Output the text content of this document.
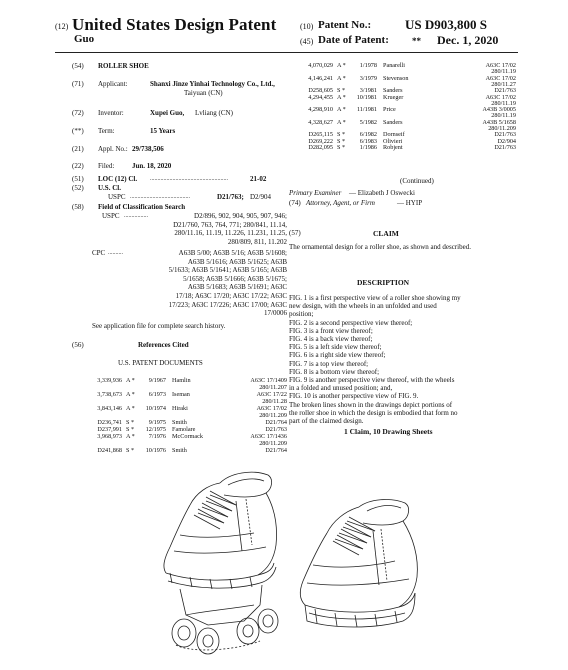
(12) United States Design Patent	(10) Patent No.:	US D903,800 S
Guo	(45) Date of Patent:	** Dec. 1, 2020
(54) ROLLER SHOE
(71) Applicant:	Shanxi Jinze Yinhai Technology Co., Ltd.,
Taiyuan (CN)
(72) Inventor:	Xupei Guo, Lvliang (CN)
(**) Term:	15 Years
(21) Appl. No.: 29/738,506
(22) Filed:	Jun. 18, 2020
(51) LOC (12) Cl. ....................................................	21-02
(52) U.S. Cl.
USPC ........................................	D21/763; D2/904
(58) Field of Classification Search
USPC ................	D2/896, 902, 904, 905, 907, 946;
D21/760, 763, 764, 771; 280/841, 11.14,
280/11.16, 11.19, 11.226, 11.231, 11.25,
280/809, 811, 11.202
CPC ..........	A63B 5/00; A63B 5/16; A63B 5/1608;
A63B 5/1616; A63B 5/1625; A63B
5/1633; A63B 5/1641; A63B 5/165; A63B
5/1658; A63B 5/1666; A63B 5/1675;
A63B 5/1683; A63B 5/1691; A63C
17/18; A63C 17/20; A63C 17/22; A63C
17/223; A63C 17/226; A63C 17/00; A63C
17/0006
See application file for complete search history.
(56)	References Cited
U.S. PATENT DOCUMENTS
3,339,936 A *	9/1967 Hamlin	A63C 17/1409
280/11.207
3,738,673 A *	6/1973 Iseman	A63C 17/22
280/11.28
3,843,146 A *	10/1974 Hiraki	A63C 17/02
280/11.209
D236,741 S *	9/1975 Smith	D21/764
D237,991 S *	12/1975 Famolare	D21/763
3,968,973 A *	7/1976 McCormack	A63C 17/1436
280/11.209
D241,868 S *	10/1976 Smith	D21/764
4,070,029 A *	1/1978 Panarelli	A63C 17/02
280/11.19
4,146,241 A *	3/1979 Stevenson	A63C 17/02
280/11.27
D258,605 S *	3/1981 Sanders	D21/763
4,294,455 A *	10/1981 Krueger	A63C 17/02
280/11.19
4,298,910 A *	11/1981 Price	A43B 3/0005
280/11.19
4,328,627 A *	5/1982 Sanders	A43B 5/1658
280/11.209
D265,115 S *	6/1982 Dornseif	D21/763
D269,222 S *	6/1983 Olivieri	D2/904
D282,095 S *	1/1986 Robjent	D21/763
(Continued)
Primary Examiner — Elizabeth J Oswecki
(74) Attorney, Agent, or Firm	— HYIP
(57)	CLAIM
The ornamental design for a roller shoe, as shown and described.
DESCRIPTION
FIG. 1 is a first perspective view of a roller shoe showing my
new design, with the wheels in an unfolded and used
position;
FIG. 2 is a second perspective view thereof;
FIG. 3 is a front view thereof;
FIG. 4 is a back view thereof;
FIG. 5 is a left side view thereof;
FIG. 6 is a right side view thereof;
FIG. 7 is a top view thereof;
FIG. 8 is a bottom view thereof;
FIG. 9 is another perspective view thereof, with the wheels
in a folded and unused position; and,
FIG. 10 is another perspective view of FIG. 9.
The broken lines shown in the drawings depict portions of
the roller shoe in which the design is embodied that form no
part of the claimed design.
1 Claim, 10 Drawing Sheets
